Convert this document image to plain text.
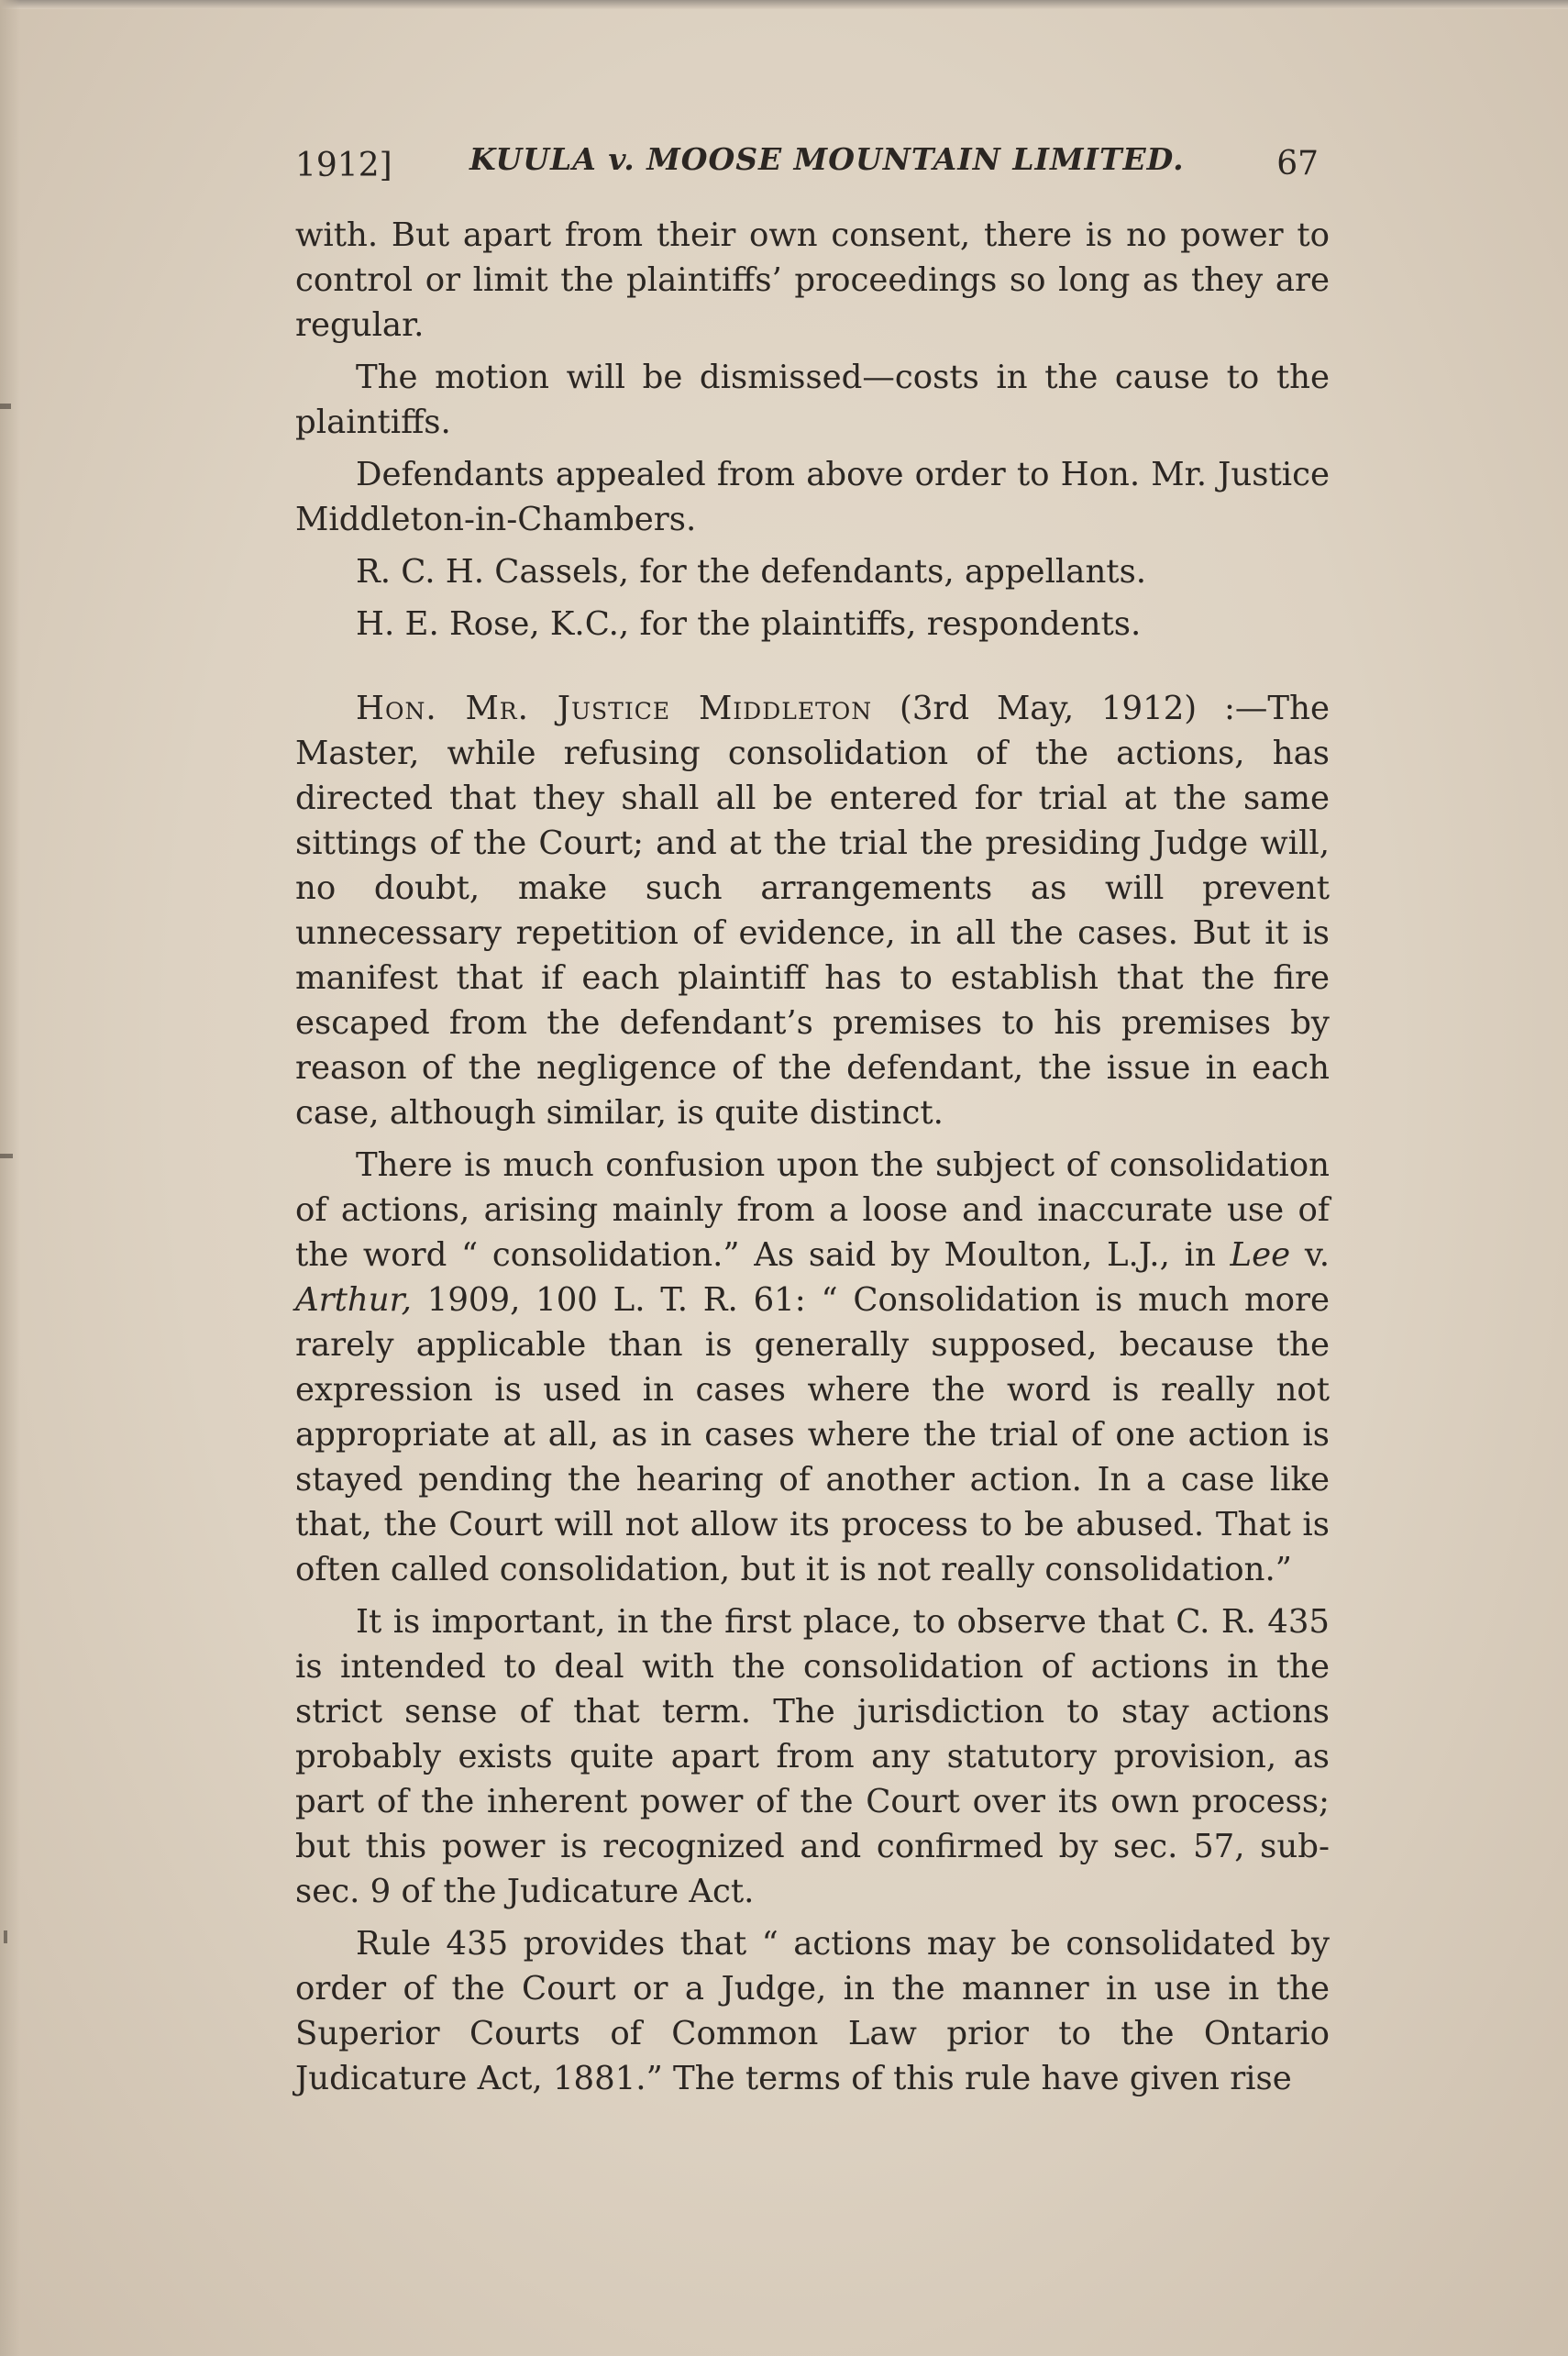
1912]	KUULA v. MOOSE MOUNTAIN LIMITED.	67

with. But apart from their own consent, there is no power to control or limit the plaintiffs’ proceedings so long as they are regular.

The motion will be dismissed—costs in the cause to the plaintiffs.

Defendants appealed from above order to Hon. Mr. Justice Middleton-in-Chambers.

R. C. H. Cassels, for the defendants, appellants.

H. E. Rose, K.C., for the plaintiffs, respondents.

Hon. Mr. Justice Middleton (3rd May, 1912) :—The Master, while refusing consolidation of the actions, has directed that they shall all be entered for trial at the same sittings of the Court; and at the trial the presiding Judge will, no doubt, make such arrangements as will prevent unnecessary repetition of evidence, in all the cases. But it is manifest that if each plaintiff has to establish that the fire escaped from the defendant’s premises to his premises by reason of the negligence of the defendant, the issue in each case, although similar, is quite distinct.

There is much confusion upon the subject of consolidation of actions, arising mainly from a loose and inaccurate use of the word “ consolidation.” As said by Moulton, L.J., in Lee v. Arthur, 1909, 100 L. T. R. 61: “ Consolidation is much more rarely applicable than is generally supposed, because the expression is used in cases where the word is really not appropriate at all, as in cases where the trial of one action is stayed pending the hearing of another action. In a case like that, the Court will not allow its process to be abused. That is often called consolidation, but it is not really consolidation.”

It is important, in the first place, to observe that C. R. 435 is intended to deal with the consolidation of actions in the strict sense of that term. The jurisdiction to stay actions probably exists quite apart from any statutory provision, as part of the inherent power of the Court over its own process; but this power is recognized and confirmed by sec. 57, sub-sec. 9 of the Judicature Act.

Rule 435 provides that “ actions may be consolidated by order of the Court or a Judge, in the manner in use in the Superior Courts of Common Law prior to the Ontario Judicature Act, 1881.” The terms of this rule have given rise
